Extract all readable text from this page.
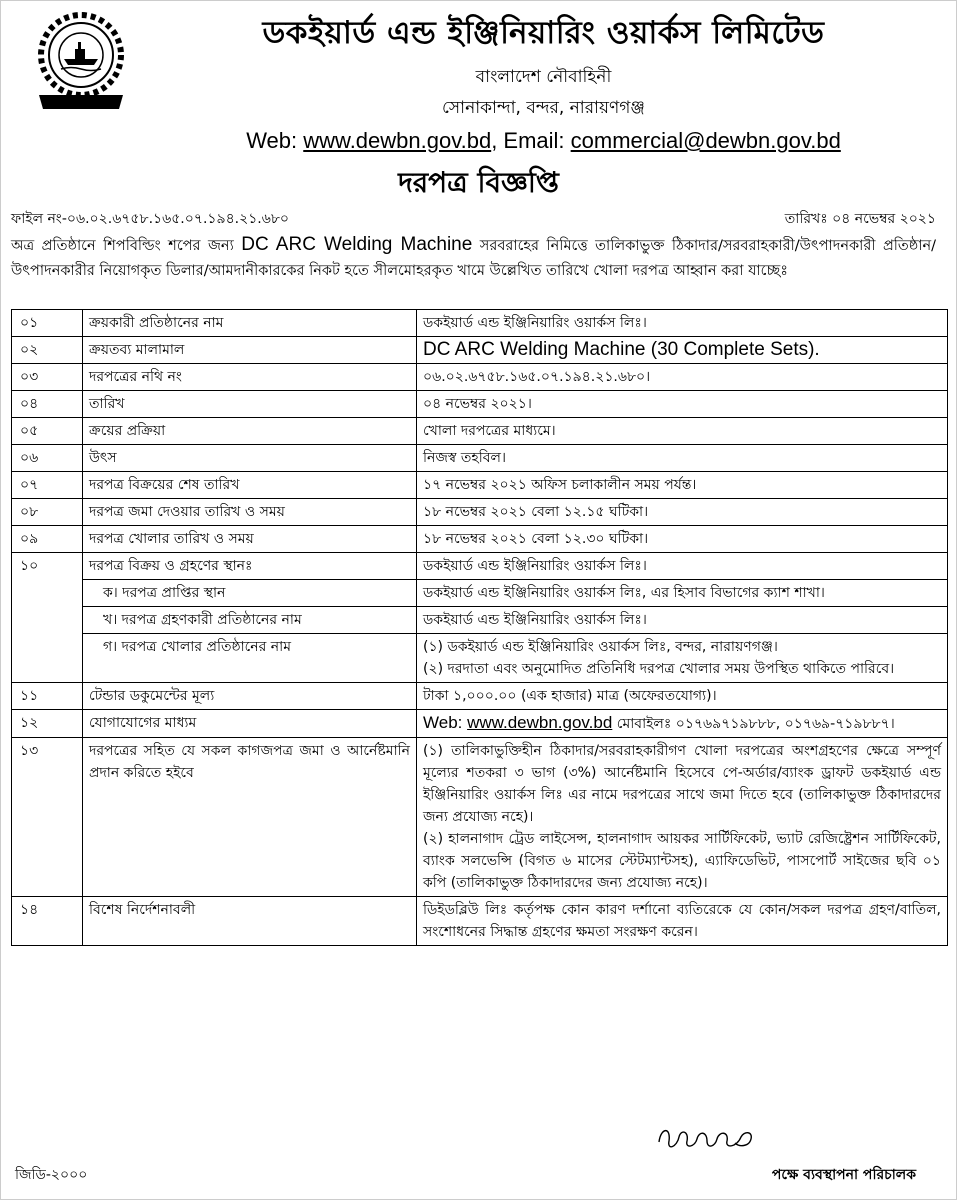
ডকইয়ার্ড এন্ড ইঞ্জিনিয়ারিং ওয়ার্কস লিমিটেড
বাংলাদেশ নৌবাহিনী
সোনাকান্দা, বন্দর, নারায়ণগঞ্জ
Web: www.dewbn.gov.bd, Email: commercial@dewbn.gov.bd
দরপত্র বিজ্ঞপ্তি
ফাইল নং-০৬.০২.৬৭৫৮.১৬৫.০৭.১৯৪.২১.৬৮০	তারিখঃ ০৪ নভেম্বর ২০২১
অত্র প্রতিষ্ঠানে শিপবিল্ডিং শপের জন্য DC ARC Welding Machine সরবরাহের নিমিত্তে তালিকাভুক্ত ঠিকাদার/সরবরাহকারী/উৎপাদনকারী প্রতিষ্ঠান/উৎপাদনকারীর নিয়োগকৃত ডিলার/আমদানীকারকের নিকট হতে সীলমোহরকৃত খামে উল্লেখিত তারিখে খোলা দরপত্র আহ্বান করা যাচ্ছেঃ
০১	ক্রয়কারী প্রতিষ্ঠানের নাম	ডকইয়ার্ড এন্ড ইঞ্জিনিয়ারিং ওয়ার্কস লিঃ।
০২	ক্রয়তব্য মালামাল	DC ARC Welding Machine (30 Complete Sets).
০৩	দরপত্রের নথি নং	০৬.০২.৬৭৫৮.১৬৫.০৭.১৯৪.২১.৬৮০।
০৪	তারিখ	০৪ নভেম্বর ২০২১।
০৫	ক্রয়ের প্রক্রিয়া	খোলা দরপত্রের মাধ্যমে।
০৬	উৎস	নিজস্ব তহবিল।
০৭	দরপত্র বিক্রয়ের শেষ তারিখ	১৭ নভেম্বর ২০২১ অফিস চলাকালীন সময় পর্যন্ত।
০৮	দরপত্র জমা দেওয়ার তারিখ ও সময়	১৮ নভেম্বর ২০২১ বেলা ১২.১৫ ঘটিকা।
০৯	দরপত্র খোলার তারিখ ও সময়	১৮ নভেম্বর ২০২১ বেলা ১২.৩০ ঘটিকা।
১০	দরপত্র বিক্রয় ও গ্রহণের স্থানঃ	ডকইয়ার্ড এন্ড ইঞ্জিনিয়ারিং ওয়ার্কস লিঃ।
	ক। দরপত্র প্রাপ্তির স্থান	ডকইয়ার্ড এন্ড ইঞ্জিনিয়ারিং ওয়ার্কস লিঃ, এর হিসাব বিভাগের ক্যাশ শাখা।
	খ। দরপত্র গ্রহণকারী প্রতিষ্ঠানের নাম	ডকইয়ার্ড এন্ড ইঞ্জিনিয়ারিং ওয়ার্কস লিঃ।
	গ। দরপত্র খোলার প্রতিষ্ঠানের নাম	(১) ডকইয়ার্ড এন্ড ইঞ্জিনিয়ারিং ওয়ার্কস লিঃ, বন্দর, নারায়ণগঞ্জ।
(২) দরদাতা এবং অনুমোদিত প্রতিনিধি দরপত্র খোলার সময় উপস্থিত থাকিতে পারিবে।

১১	টেন্ডার ডকুমেন্টের মূল্য	টাকা ১,০০০.০০ (এক হাজার) মাত্র (অফেরতযোগ্য)।
১২	যোগাযোগের মাধ্যম	Web: www.dewbn.gov.bd মোবাইলঃ ০১৭৬৯৭১৯৮৮৮, ০১৭৬৯-৭১৯৮৮৭।
১৩	দরপত্রের সহিত যে সকল কাগজপত্র জমা ও আর্নেষ্টমানি প্রদান করিতে হইবে	(১) তালিকাভুক্তিহীন ঠিকাদার/সরবরাহকারীগণ খোলা দরপত্রের অংশগ্রহণের ক্ষেত্রে সম্পূর্ণ মূল্যের শতকরা ৩ ভাগ (৩%) আর্নেষ্টমানি হিসেবে পে-অর্ডার/ব্যাংক ড্রাফট ডকইয়ার্ড এন্ড ইঞ্জিনিয়ারিং ওয়ার্কস লিঃ এর নামে দরপত্রের সাথে জমা দিতে হবে (তালিকাভুক্ত ঠিকাদারদের জন্য প্রযোজ্য নহে)।
(২) হালনাগাদ ট্রেড লাইসেন্স, হালনাগাদ আয়কর সার্টিফিকেট, ভ্যাট রেজিষ্ট্রেশন সার্টিফিকেট, ব্যাংক সলভেন্সি (বিগত ৬ মাসের স্টেটম্যান্টসহ), এ্যাফিডেভিট, পাসপোর্ট সাইজের ছবি ০১ কপি (তালিকাভুক্ত ঠিকাদারদের জন্য প্রযোজ্য নহে)।

১৪	বিশেষ নির্দেশনাবলী	ডিইডব্লিউ লিঃ কর্তৃপক্ষ কোন কারণ দর্শানো ব্যতিরেকে যে কোন/সকল দরপত্র গ্রহণ/বাতিল, সংশোধনের সিদ্ধান্ত গ্রহণের ক্ষমতা সংরক্ষণ করেন।
জিডি-২০০০	পক্ষে ব্যবস্থাপনা পরিচালক
